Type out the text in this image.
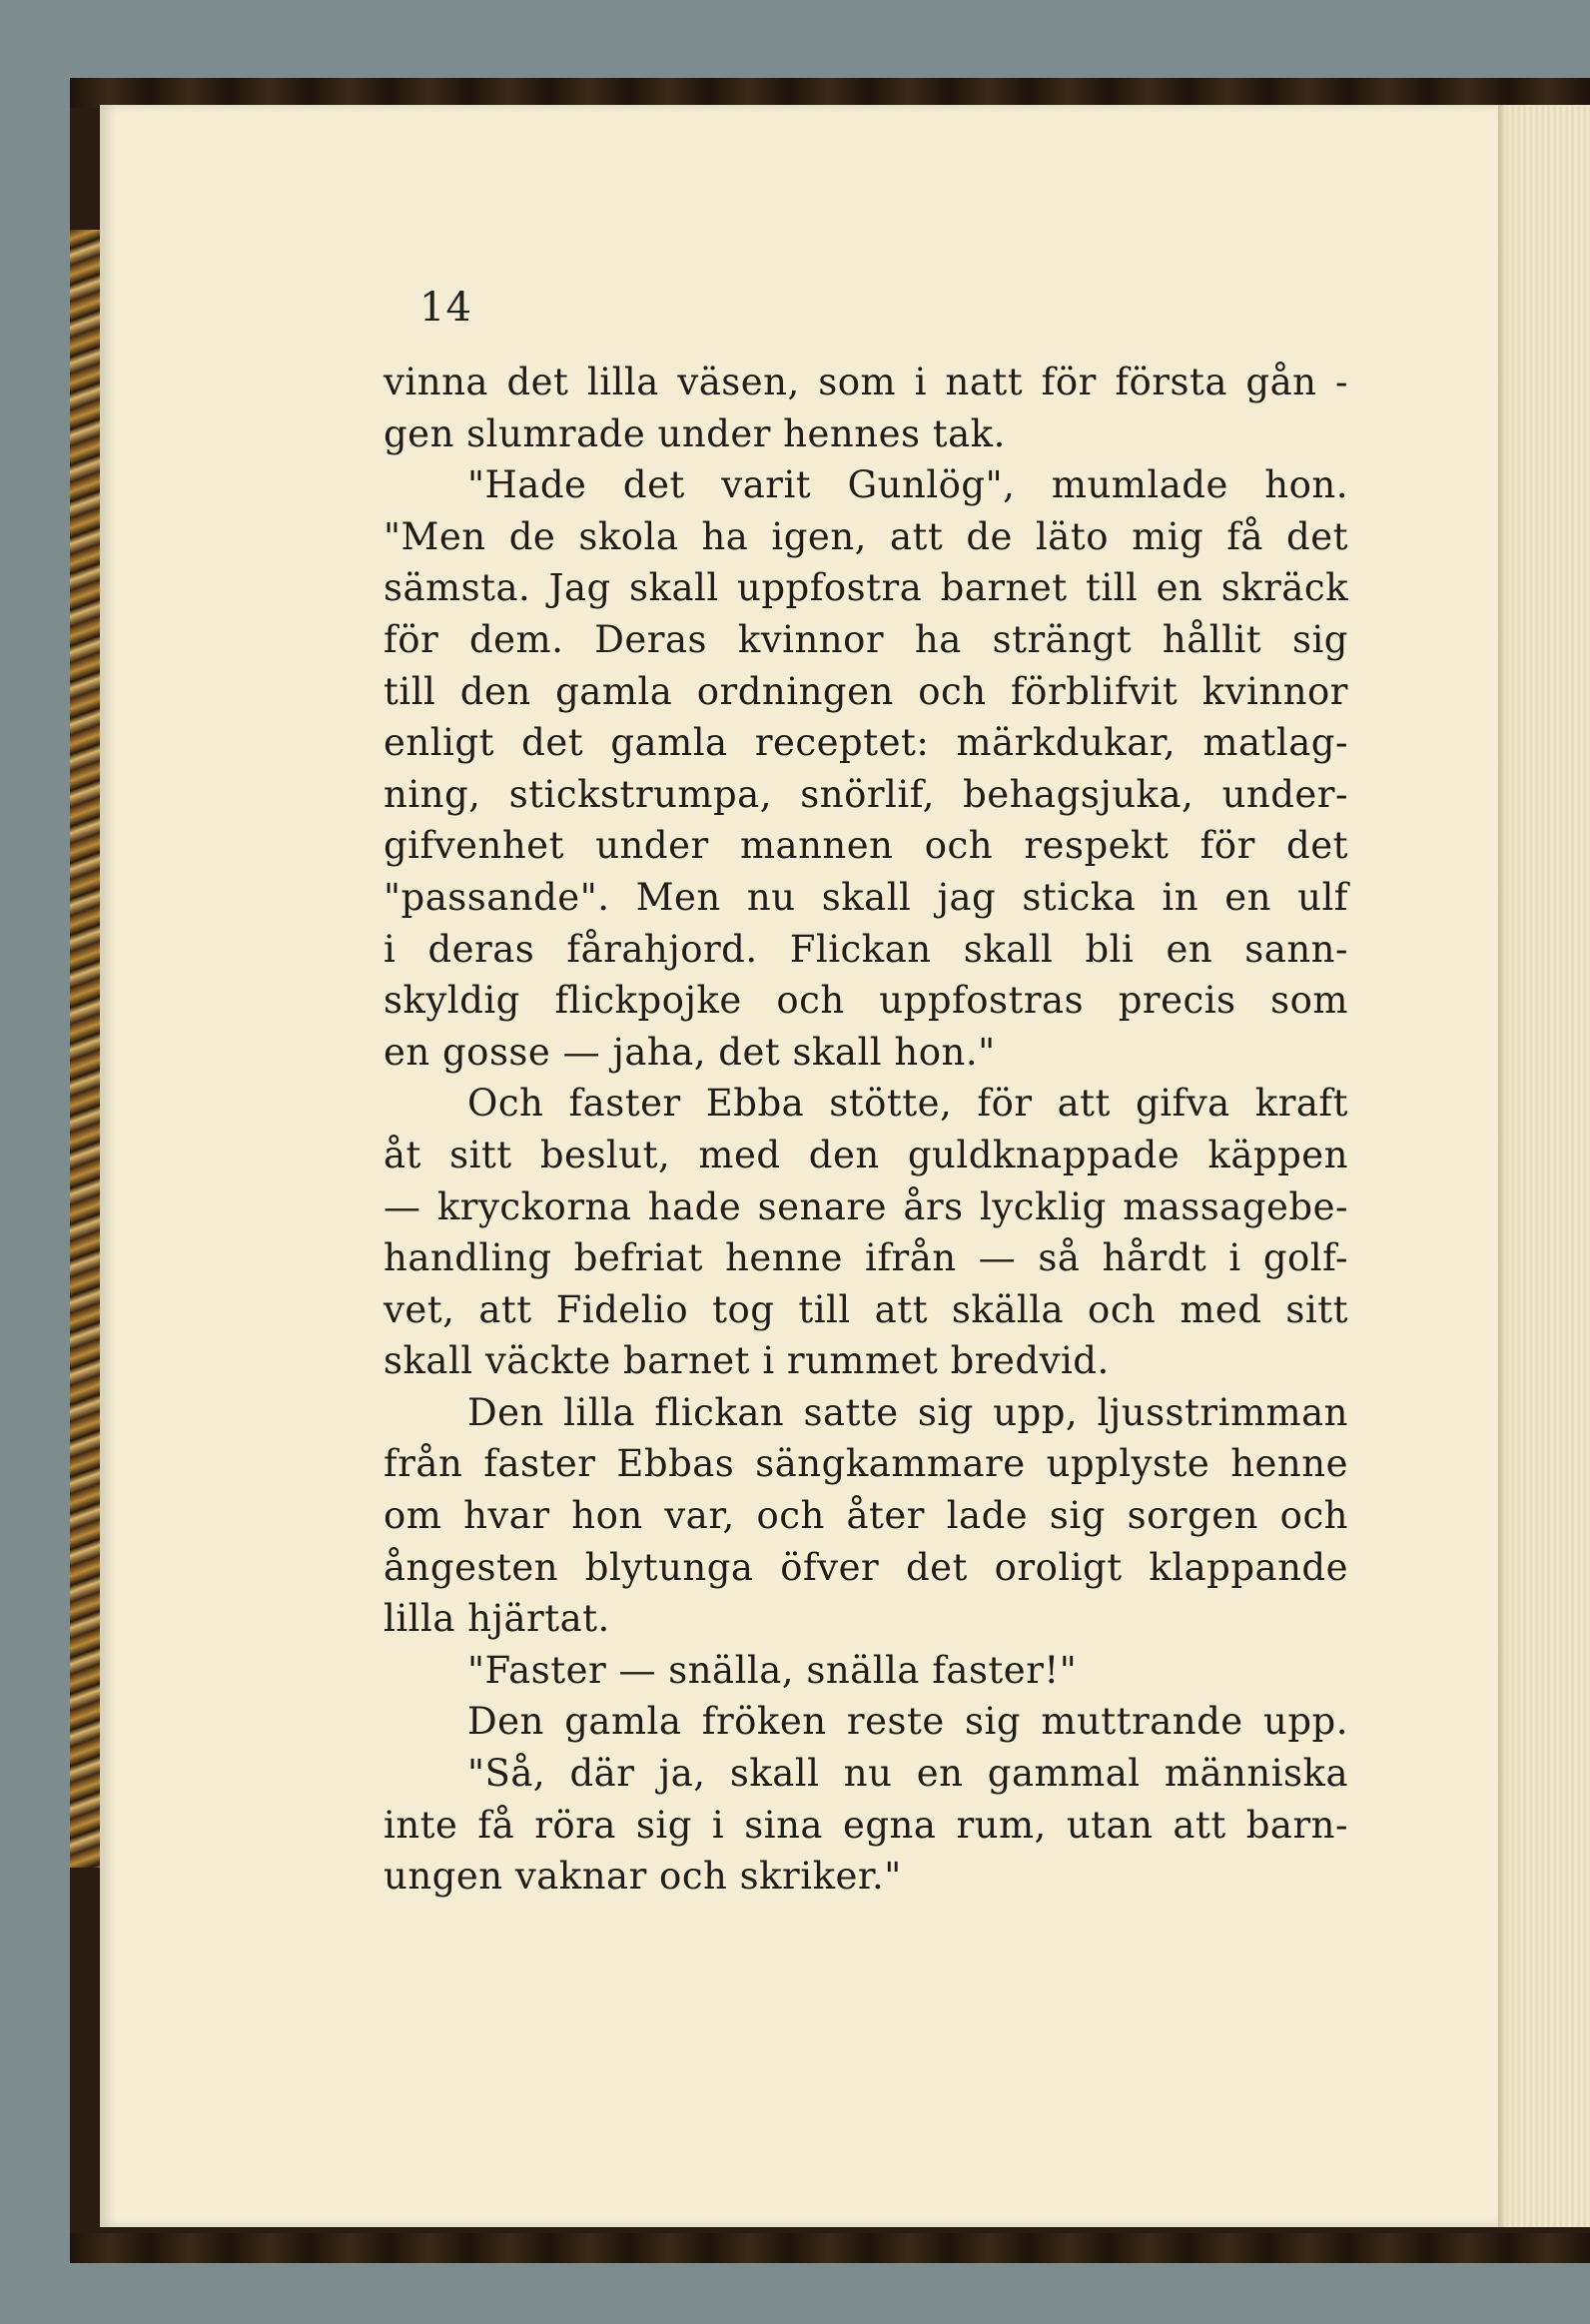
14
vinna det lilla väsen, som i natt för första gån -
gen slumrade under hennes tak.
"Hade det varit Gunlög", mumlade hon.
"Men de skola ha igen, att de läto mig få det
sämsta. Jag skall uppfostra barnet till en skräck
för dem. Deras kvinnor ha strängt hållit sig
till den gamla ordningen och förblifvit kvinnor
enligt det gamla receptet: märkdukar, matlag-
ning, stickstrumpa, snörlif, behagsjuka, under-
gifvenhet under mannen och respekt för det
"passande". Men nu skall jag sticka in en ulf
i deras fårahjord. Flickan skall bli en sann-
skyldig flickpojke och uppfostras precis som
en gosse — jaha, det skall hon."
Och faster Ebba stötte, för att gifva kraft
åt sitt beslut, med den guldknappade käppen
— kryckorna hade senare års lycklig massagebe-
handling befriat henne ifrån — så hårdt i golf-
vet, att Fidelio tog till att skälla och med sitt
skall väckte barnet i rummet bredvid.
Den lilla flickan satte sig upp, ljusstrimman
från faster Ebbas sängkammare upplyste henne
om hvar hon var, och åter lade sig sorgen och
ångesten blytunga öfver det oroligt klappande
lilla hjärtat.
"Faster — snälla, snälla faster!"
Den gamla fröken reste sig muttrande upp.
"Så, där ja, skall nu en gammal människa
inte få röra sig i sina egna rum, utan att barn-
ungen vaknar och skriker."
